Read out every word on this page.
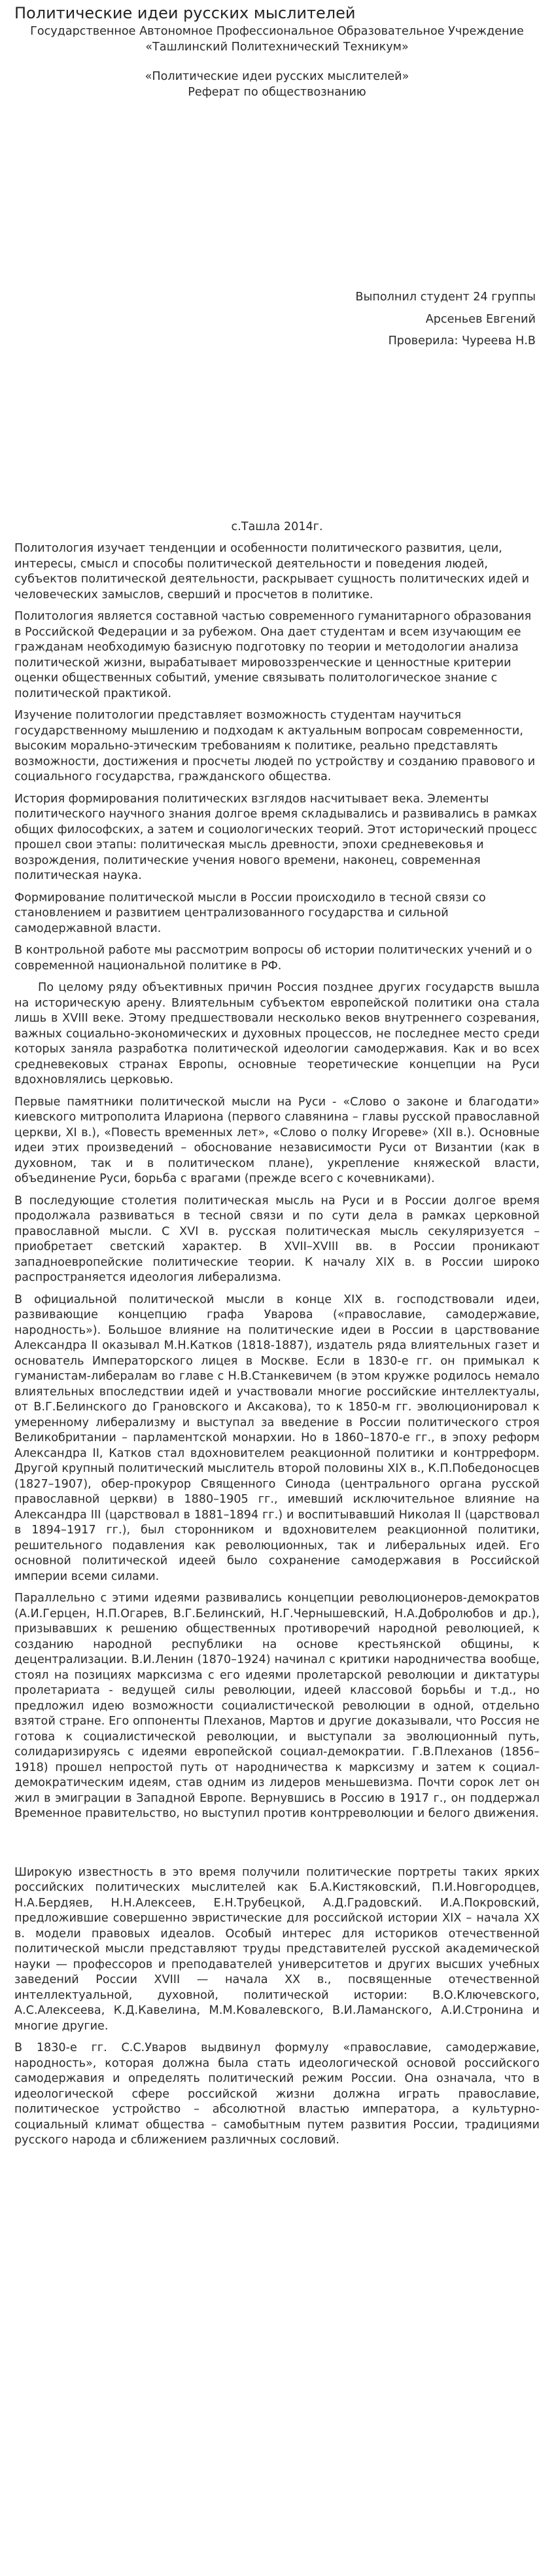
Политические идеи русских мыслителей

Государственное Автономное Профессиональное Образовательное Учреждение

«Ташлинский Политехнический Техникум»

«Политические идеи русских мыслителей»

Реферат по обществознанию

Выполнил студент 24 группы

Арсеньев Евгений

Проверила: Чуреева Н.В

с.Ташла 2014г.

Политология изучает тенденции и особенности политического развития, цели, интересы, смысл и способы политической деятельности и поведения людей, субъектов политической деятельности, раскрывает сущность политических идей и человеческих замыслов, сверший и просчетов в политике.

Политология является составной частью современного гуманитарного образования в Российской Федерации и за рубежом. Она дает студентам и всем изучающим ее гражданам необходимую базисную подготовку по теории и методологии анализа политической жизни, вырабатывает мировоззренческие и ценностные критерии оценки общественных событий, умение связывать политологическое знание с политической практикой.

Изучение политологии представляет возможность студентам научиться государственному мышлению и подходам к актуальным вопросам современности, высоким морально-этическим требованиям к политике, реально представлять возможности, достижения и просчеты людей по устройству и созданию правового и социального государства, гражданского общества.

История формирования политических взглядов насчитывает века. Элементы политического научного знания долгое время складывались и развивались в рамках общих философских, а затем и социологических теорий. Этот исторический процесс прошел свои этапы: политическая мысль древности, эпохи средневековья и возрождения, политические учения нового времени, наконец, современная политическая наука.

Формирование политической мысли в России происходило в тесной связи со становлением и развитием централизованного государства и сильной самодержавной власти.

В контрольной работе мы рассмотрим вопросы об истории политических учений и о современной национальной политике в РФ.

По целому ряду объективных причин Россия позднее других государств вышла на историческую арену. Влиятельным субъектом европейской политики она стала лишь в XVIII веке. Этому предшествовали несколько веков внутреннего созревания, важных социально-экономических и духовных процессов, не последнее место среди которых заняла разработка политической идеологии самодержавия. Как и во всех средневековых странах Европы, основные теоретические концепции на Руси вдохновлялись церковью.

Первые памятники политической мысли на Руси - «Слово о законе и благодати» киевского митрополита Илариона (первого славянина – главы русской православной церкви, XI в.), «Повесть временных лет», «Слово о полку Игореве» (XII в.). Основные идеи этих произведений – обоснование независимости Руси от Византии (как в духовном, так и в политическом плане), укрепление княжеской власти, объединение Руси, борьба с врагами (прежде всего с кочевниками).

В последующие столетия политическая мысль на Руси и в России долгое время продолжала развиваться в тесной связи и по сути дела в рамках церковной православной мысли. С XVI в. русская политическая мысль секуляризуется – приобретает светский характер. В XVII–XVIII вв. в России проникают западноевропейские политические теории. К началу XIX в. в России широко распространяется идеология либерализма.

В официальной политической мысли в конце XIX в. господствовали идеи, развивающие концепцию графа Уварова («православие, самодержавие, народность»). Большое влияние на политические идеи в России в царствование Александра II оказывал М.Н.Катков (1818-1887), издатель ряда влиятельных газет и основатель Императорского лицея в Москве. Если в 1830-е гг. он примыкал к гуманистам-либералам во главе с Н.В.Станкевичем (в этом кружке родилось немало влиятельных впоследствии идей и участвовали многие российские интеллектуалы, от В.Г.Белинского до Грановского и Аксакова), то к 1850-м гг. эволюционировал к умеренному либерализму и выступал за введение в России политического строя Великобритании – парламентской монархии. Но в 1860–1870-е гг., в эпоху реформ Александра II, Катков стал вдохновителем реакционной политики и контрреформ. Другой крупный политический мыслитель второй половины XIX в., К.П.Победоносцев (1827–1907), обер-прокурор Священного Синода (центрального органа русской православной церкви) в 1880–1905 гг., имевший исключительное влияние на Александра III (царствовал в 1881–1894 гг.) и воспитывавший Николая II (царствовал в 1894–1917 гг.), был сторонником и вдохновителем реакционной политики, решительного подавления как революционных, так и либеральных идей. Его основной политической идеей было сохранение самодержавия в Российской империи всеми силами.

Параллельно с этими идеями развивались концепции революционеров-демократов (А.И.Герцен, Н.П.Огарев, В.Г.Белинский, Н.Г.Чернышевский, Н.А.Добролюбов и др.), призывавших к решению общественных противоречий народной революцией, к созданию народной республики на основе крестьянской общины, к децентрализации. В.И.Ленин (1870–1924) начинал с критики народничества вообще, стоял на позициях марксизма с его идеями пролетарской революции и диктатуры пролетариата - ведущей силы революции, идеей классовой борьбы и т.д., но предложил идею возможности социалистической революции в одной, отдельно взятой стране. Его оппоненты Плеханов, Мартов и другие доказывали, что Россия не готова к социалистической революции, и выступали за эволюционный путь, солидаризируясь с идеями европейской социал-демократии. Г.В.Плеханов (1856–1918) прошел непростой путь от народничества к марксизму и затем к социал-демократическим идеям, став одним из лидеров меньшевизма. Почти сорок лет он жил в эмиграции в Западной Европе. Вернувшись в Россию в 1917 г., он поддержал Временное правительство, но выступил против контрреволюции и белого движения.

Широкую известность в это время получили политические портреты таких ярких российских политических мыслителей как Б.А.Кистяковский, П.И.Новгородцев, Н.А.Бердяев, Н.Н.Алексеев, Е.Н.Трубецкой, А.Д.Градовский. И.А.Покровский, предложившие совершенно эвристические для российской истории XIX – начала XX в. модели правовых идеалов. Особый интерес для историков отечественной политической мысли представляют труды представителей русской академической науки — профессоров и преподавателей университетов и других высших учебных заведений России XVIII — начала XX в., посвященные отечественной интеллектуальной, духовной, политической истории: В.О.Ключевского, А.С.Алексеева, К.Д.Кавелина, М.М.Ковалевского, В.И.Ламанского, А.И.Стронина и многие другие.

В 1830-е гг. С.С.Уваров выдвинул формулу «православие, самодержавие, народность», которая должна была стать идеологической основой российского самодержавия и определять политический режим России. Она означала, что в идеологической сфере российской жизни должна играть православие, политическое устройство – абсолютной властью императора, а культурно-социальный климат общества – самобытным путем развития России, традициями русского народа и сближением различных сословий.
